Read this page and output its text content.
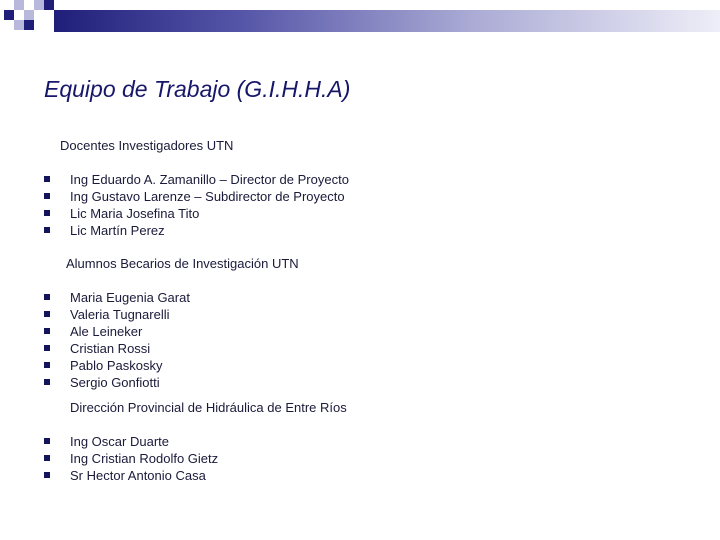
Equipo de Trabajo (G.I.H.H.A)
Docentes Investigadores UTN
Ing Eduardo A. Zamanillo – Director de Proyecto
Ing Gustavo Larenze – Subdirector de Proyecto
Lic Maria Josefina Tito
Lic Martín Perez
Alumnos Becarios de Investigación UTN
Maria Eugenia Garat
Valeria Tugnarelli
Ale Leineker
Cristian Rossi
Pablo Paskosky
Sergio Gonfiotti
Dirección Provincial de Hidráulica de Entre Ríos
Ing Oscar Duarte
Ing Cristian Rodolfo Gietz
Sr Hector Antonio Casa
